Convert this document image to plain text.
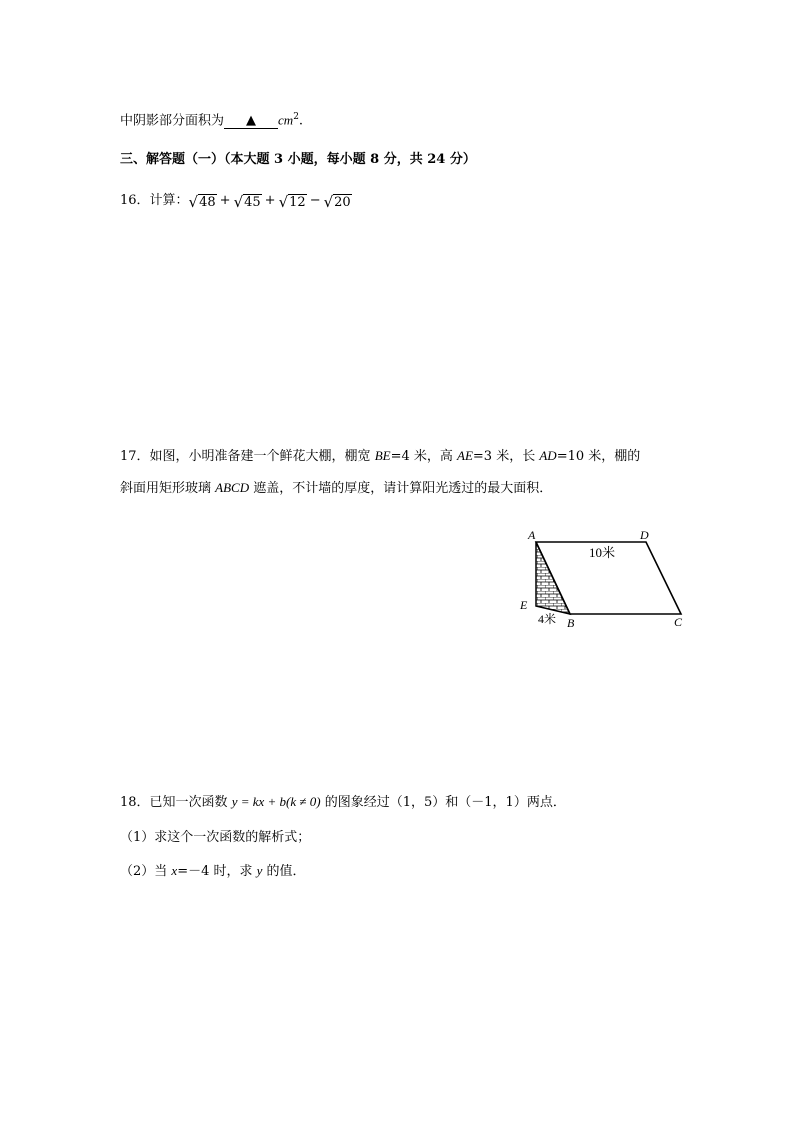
中阴影部分面积为 ▲ $cm^2$.
三、解答题（一）（本大题 3 小题，每小题 8 分，共 24 分）
16．计算： √ 48 + √ 45 + √ 12 − √ 20
17．如图，小明准备建一个鲜花大棚，棚宽 BE=4 米，高 AE=3 米，长 AD=10 米，棚的
斜面用矩形玻璃 ABCD 遮盖，不计墙的厚度，请计算阳光透过的最大面积．
A	D
E
B	C
10米
4米
18．已知一次函数 y = kx + b(k ≠ 0) 的图象经过（1，5）和（－1，1）两点．
（1）求这个一次函数的解析式；
（2）当 x=－4 时，求 y 的值．
